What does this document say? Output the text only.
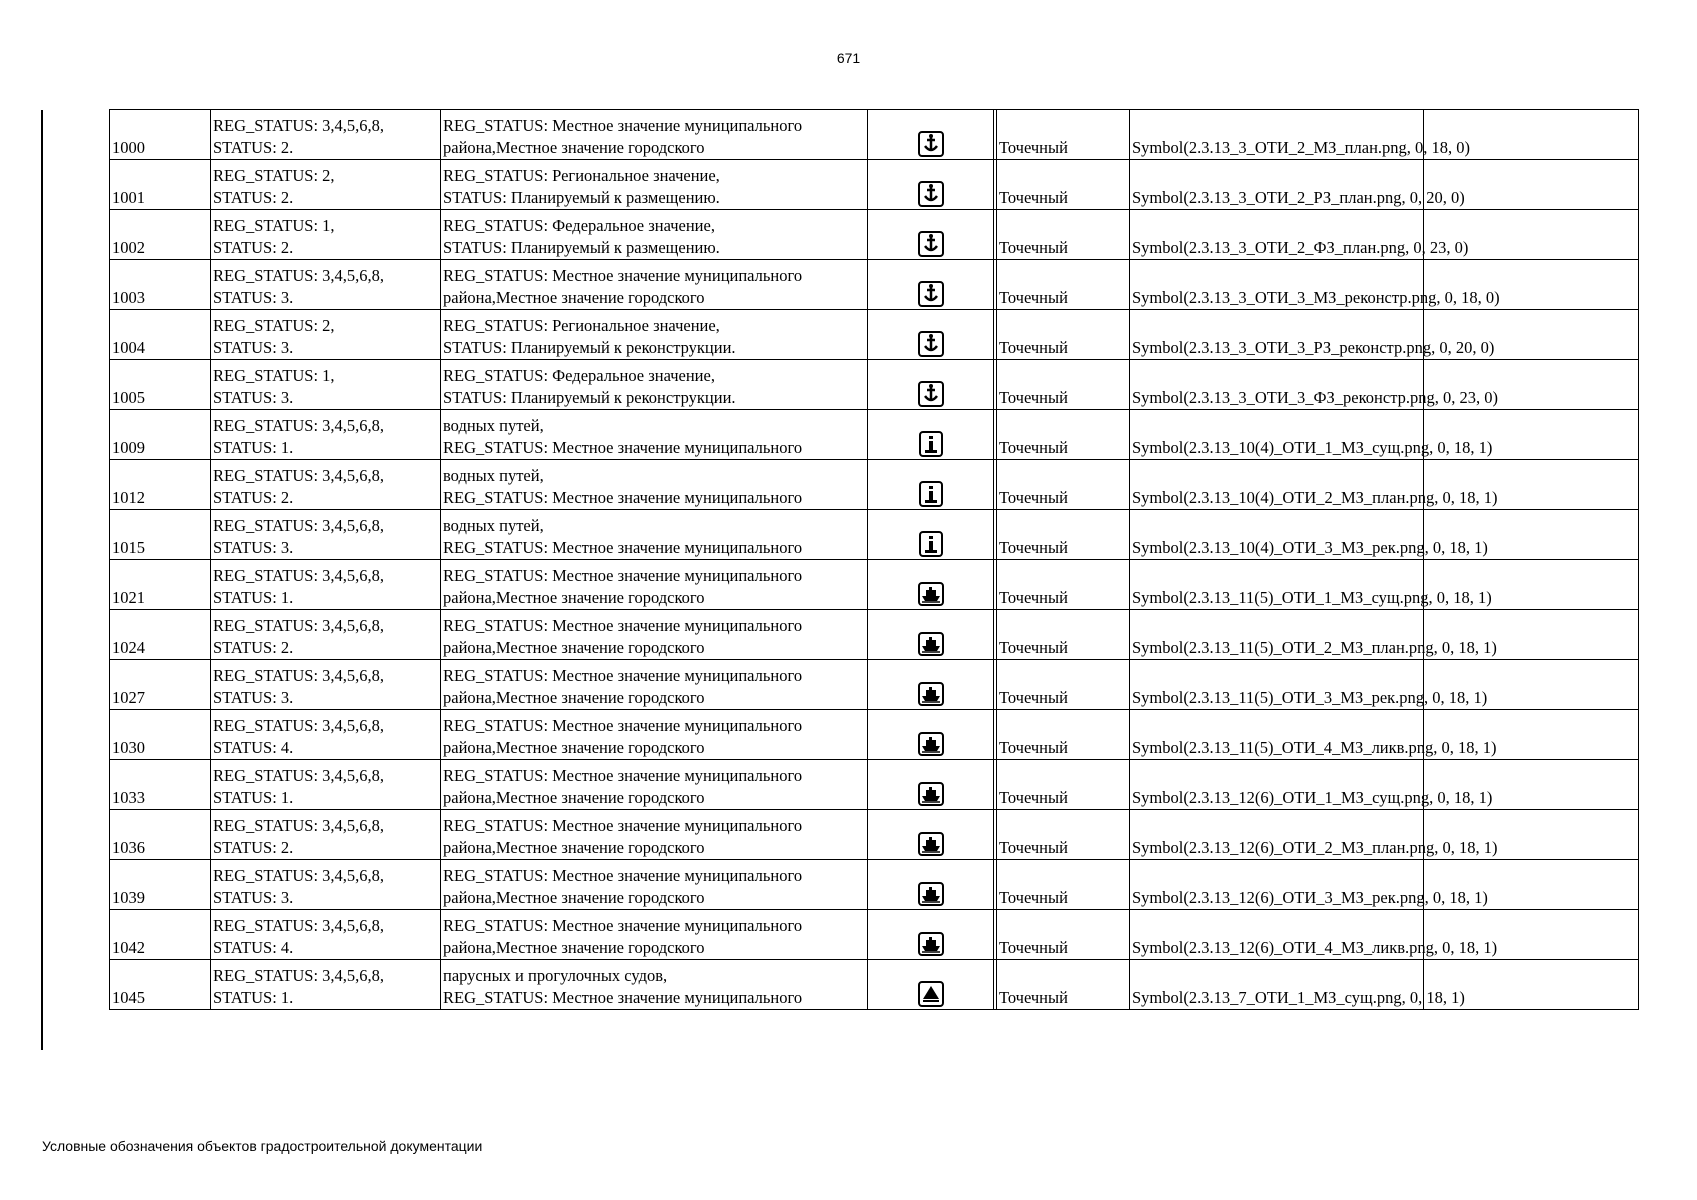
671
1000	REG_STATUS: 3,4,5,6,8,
STATUS: 2.	REG_STATUS: Местное значение муниципального
района,Местное значение городского			Точечный	Symbol(2.3.13_3_ОТИ_2_МЗ_план.png, 0, 18, 0)	
1001	REG_STATUS: 2,
STATUS: 2.	REG_STATUS: Региональное значение,
STATUS: Планируемый к размещению.			Точечный	Symbol(2.3.13_3_ОТИ_2_РЗ_план.png, 0, 20, 0)	
1002	REG_STATUS: 1,
STATUS: 2.	REG_STATUS: Федеральное значение,
STATUS: Планируемый к размещению.			Точечный	Symbol(2.3.13_3_ОТИ_2_ФЗ_план.png, 0, 23, 0)	
1003	REG_STATUS: 3,4,5,6,8,
STATUS: 3.	REG_STATUS: Местное значение муниципального
района,Местное значение городского			Точечный	Symbol(2.3.13_3_ОТИ_3_МЗ_реконстр.png, 0, 18, 0)	
1004	REG_STATUS: 2,
STATUS: 3.	REG_STATUS: Региональное значение,
STATUS: Планируемый к реконструкции.			Точечный	Symbol(2.3.13_3_ОТИ_3_РЗ_реконстр.png, 0, 20, 0)	
1005	REG_STATUS: 1,
STATUS: 3.	REG_STATUS: Федеральное значение,
STATUS: Планируемый к реконструкции.			Точечный	Symbol(2.3.13_3_ОТИ_3_ФЗ_реконстр.png, 0, 23, 0)	
1009	REG_STATUS: 3,4,5,6,8,
STATUS: 1.	водных путей,
REG_STATUS: Местное значение муниципального			Точечный	Symbol(2.3.13_10(4)_ОТИ_1_МЗ_сущ.png, 0, 18, 1)	
1012	REG_STATUS: 3,4,5,6,8,
STATUS: 2.	водных путей,
REG_STATUS: Местное значение муниципального			Точечный	Symbol(2.3.13_10(4)_ОТИ_2_МЗ_план.png, 0, 18, 1)	
1015	REG_STATUS: 3,4,5,6,8,
STATUS: 3.	водных путей,
REG_STATUS: Местное значение муниципального			Точечный	Symbol(2.3.13_10(4)_ОТИ_3_МЗ_рек.png, 0, 18, 1)	
1021	REG_STATUS: 3,4,5,6,8,
STATUS: 1.	REG_STATUS: Местное значение муниципального
района,Местное значение городского			Точечный	Symbol(2.3.13_11(5)_ОТИ_1_МЗ_сущ.png, 0, 18, 1)	
1024	REG_STATUS: 3,4,5,6,8,
STATUS: 2.	REG_STATUS: Местное значение муниципального
района,Местное значение городского			Точечный	Symbol(2.3.13_11(5)_ОТИ_2_МЗ_план.png, 0, 18, 1)	
1027	REG_STATUS: 3,4,5,6,8,
STATUS: 3.	REG_STATUS: Местное значение муниципального
района,Местное значение городского			Точечный	Symbol(2.3.13_11(5)_ОТИ_3_МЗ_рек.png, 0, 18, 1)	
1030	REG_STATUS: 3,4,5,6,8,
STATUS: 4.	REG_STATUS: Местное значение муниципального
района,Местное значение городского			Точечный	Symbol(2.3.13_11(5)_ОТИ_4_МЗ_ликв.png, 0, 18, 1)	
1033	REG_STATUS: 3,4,5,6,8,
STATUS: 1.	REG_STATUS: Местное значение муниципального
района,Местное значение городского			Точечный	Symbol(2.3.13_12(6)_ОТИ_1_МЗ_сущ.png, 0, 18, 1)	
1036	REG_STATUS: 3,4,5,6,8,
STATUS: 2.	REG_STATUS: Местное значение муниципального
района,Местное значение городского			Точечный	Symbol(2.3.13_12(6)_ОТИ_2_МЗ_план.png, 0, 18, 1)	
1039	REG_STATUS: 3,4,5,6,8,
STATUS: 3.	REG_STATUS: Местное значение муниципального
района,Местное значение городского			Точечный	Symbol(2.3.13_12(6)_ОТИ_3_МЗ_рек.png, 0, 18, 1)	
1042	REG_STATUS: 3,4,5,6,8,
STATUS: 4.	REG_STATUS: Местное значение муниципального
района,Местное значение городского			Точечный	Symbol(2.3.13_12(6)_ОТИ_4_МЗ_ликв.png, 0, 18, 1)	
1045	REG_STATUS: 3,4,5,6,8,
STATUS: 1.	парусных и прогулочных судов,
REG_STATUS: Местное значение муниципального			Точечный	Symbol(2.3.13_7_ОТИ_1_МЗ_сущ.png, 0, 18, 1)	
Условные обозначения объектов градостроительной документации
